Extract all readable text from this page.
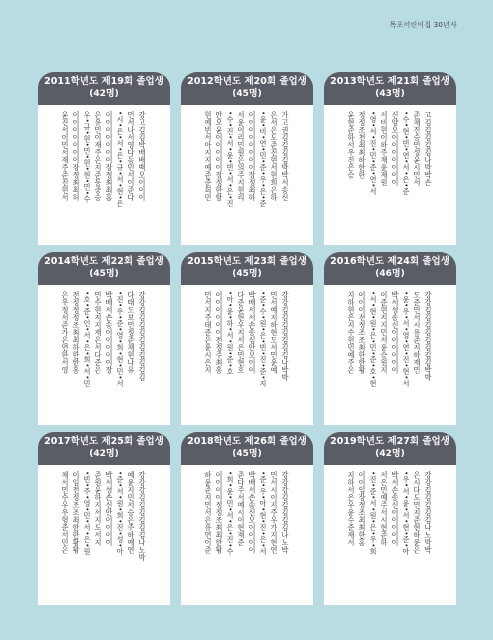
목포어린이집 30년사
2011학년도 제19회 졸업생
(42명)
강고김김박배배백오이이이
민서나서영다동민서이준다
•시•은•서•은•규•서•현•은
이이이이이이이장정최최홍
은유민이재주은지준동중승
우•규•현•민•현•원•민•수
이이이이이이이장정최최허
윤진서이민서재주준진현서
2012학년도 제20회 졸업생
(45명)
가고권김김김김박박서송신
은서은도준진현서현희은하
•윤•비•연•민•준•우•은•준
이이이이이이이이장정최하
서윤이리민원은의주지현리
•수•진•서•윤•빈•서•은•진
안오윤이이이이이장정한함
현예빈서아지지예준준희민
2013학년도 제21회 졸업생
(43명)
고김김김김김나박박손
준채진승민성윤시민서
•수•현•빈•연•서•은•준
신양오이이이이이이이
서비현이하주재윤재원
•영•서•진•민•준•연•서
정정조천최최하한한
윤현준하서우진은승
2014학년도 제22회 졸업생
(45명)
강강김김김김김김김김김김
다태도보민정준채현나유
•진•우•준•영•희•현•민•서
박배서손송이이이이이장
민수현지지재은서다준은
•호•준•인•서•은•희•서•민
전정정정조최최하한한홍
은우정서준가은연한서영
2015학년도 제23회 졸업생
(45명)
강강김김김김김김김나박박
민서예지하현도서민윤예
•준•수•원•은•빈•진•준•지
박배서서손송심안오이이
다준윤현우지서은민현호
•아•윤•하•서•원•준•호
이이이이이이전정주최홍
민서지주태준은윤시은지
2016학년도 제24회 졸업생
(46명)
강강김김김김김김김김박박
도준민서시유준지하재민
•윤•우•서•영•연•진•현•서
박서성송신이이이이이이
이준현지지민서윤승원지
•서•현•원•은•민•준•호•현
이이이전정조조최한한황
지하현은지수현민예주은
2017학년도 제25회 졸업생
(42명)
강강강김김김김김김나노박
예윤지민서승은주하예연
•준•서•원•희•진•성•아
박서성손신안이이이이
준원윤하지서지도서지
•빈•주•영•민•서•은•원
이임전정조조최한한황황
채서민수우우형준서민은
2018학년도 제26회 졸업생
(45명)
강강강김김김김김나노박
민서시이지주우가지현연
•준•우•아•현•진•은•서
박배서손송신오이이이이
준다주서예시이현재준
•희•윤•민•서•은•진•수
이이이이정정조최최한황
하윤준지민서은유연이준
2019학년도 제27회 졸업생
(42명)
강강김김김김김나노박박
은시다도민지준현하윤은
•우•서•윤•서•현•준•아
박서손송신이이이이이
서은민예주서시현준하
•진•준•서•원•은•우•희
이이임장정조최최한홍
지하서은우윤수준재서
